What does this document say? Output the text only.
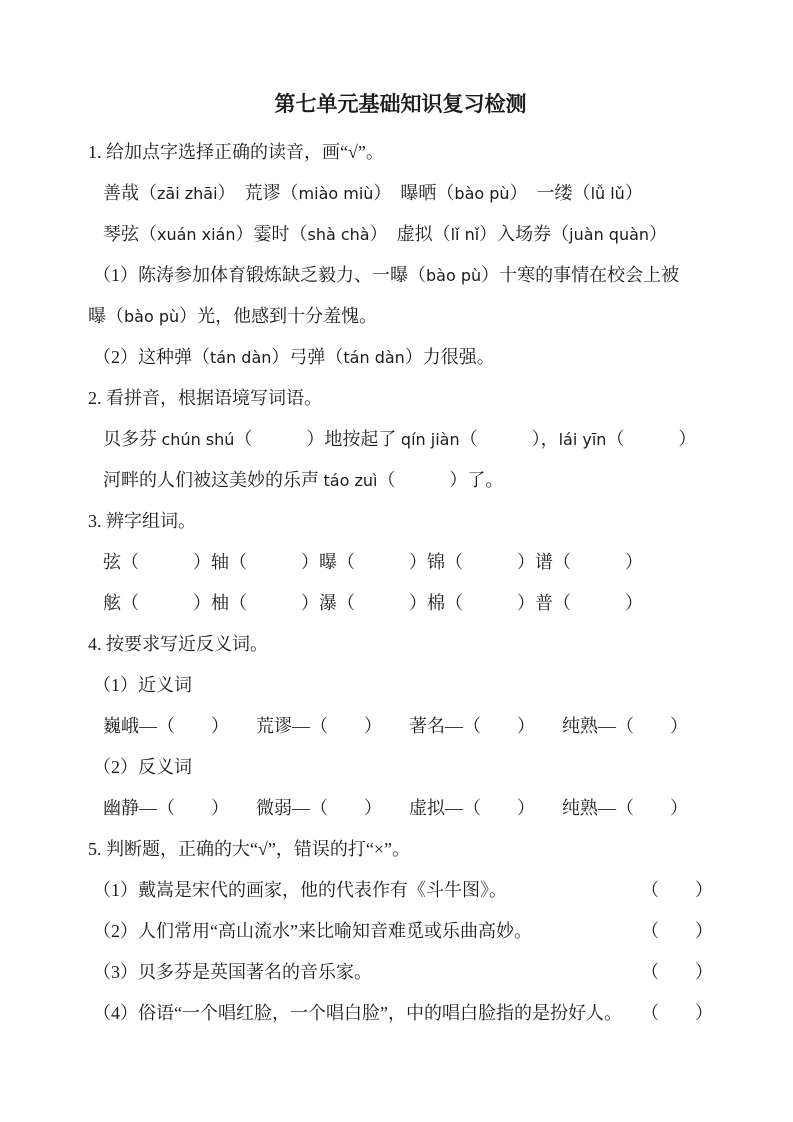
第七单元基础知识复习检测
1. 给加点字选择正确的读音，画“√”。
善哉（zāi zhāi）　荒谬（miào miù）　曝晒（bào pù）　一缕（lǚ lǔ）
琴弦（xuán xián）霎时（shà chà）　虚拟（lǐ nǐ）入场券（juàn quàn）
（1）陈涛参加体育锻炼缺乏毅力、一曝（bào pù）十寒的事情在校会上被
曝（bào pù）光，他感到十分羞愧。
（2）这种弹（tán dàn）弓弹（tán dàn）力很强。
2. 看拼音，根据语境写词语。
贝多芬 chún shú（　　　）地按起了 qín jiàn（　　　），lái yīn（　　　）
河畔的人们被这美妙的乐声 táo zuì（　　　）了。
3. 辨字组词。
弦（　　　）轴（　　　）曝（　　　）锦（　　　）谱（　　　）
舷（　　　）柚（　　　）瀑（　　　）棉（　　　）普（　　　）
4. 按要求写近反义词。
（1）近义词
巍峨—（　　）　　荒谬—（　　）　　著名—（　　）　　纯熟—（　　）
（2）反义词
幽静—（　　）　　微弱—（　　）　　虚拟—（　　）　　纯熟—（　　）
5. 判断题，正确的大“√”，错误的打“×”。
（1）戴嵩是宋代的画家，他的代表作有《斗牛图》。	（　　）
（2）人们常用“高山流水”来比喻知音难觅或乐曲高妙。	（　　）
（3）贝多芬是英国著名的音乐家。	（　　）
（4）俗语“一个唱红脸，一个唱白脸”，中的唱白脸指的是扮好人。 （　　）
